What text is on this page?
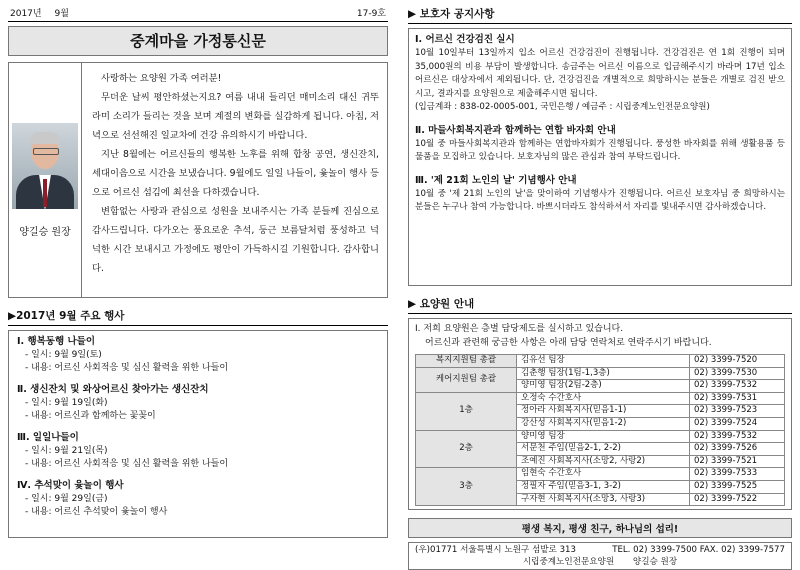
2017년 9월	17-9호
중계마을 가정통신문
양길승 원장

사랑하는 요양원 가족 여러분!

무더운 날씨 평안하셨는지요? 여름 내내 들리던 매미소리 대신 귀뚜라미 소리가 들리는 것을 보며 계절의 변화를 실감하게 됩니다. 아침, 저녁으로 선선해진 일교차에 건강 유의하시기 바랍니다.

지난 8월에는 어르신들의 행복한 노후를 위해 합창 공연, 생신잔치, 세대이음으로 시간을 보냈습니다. 9월에도 일일 나들이, 윷놀이 행사 등으로 어르신 섬김에 최선을 다하겠습니다.

변함없는 사랑과 관심으로 성원을 보내주시는 가족 분들께 진심으로 감사드립니다. 다가오는 풍요로운 추석, 둥근 보름달처럼 풍성하고 넉넉한 시간 보내시고 가정에도 평안이 가득하시길 기원합니다. 감사합니다.

▶2017년 9월 주요 행사
Ⅰ. 행복동행 나들이
- 일시: 9월 9일(토)
- 내용: 어르신 사회적응 및 심신 활력을 위한 나들이
Ⅱ. 생신잔치 및 와상어르신 찾아가는 생신잔치
- 일시: 9월 19일(화)
- 내용: 어르신과 함께하는 꽃꽂이
Ⅲ. 일일나들이
- 일시: 9월 21일(목)
- 내용: 어르신 사회적응 및 심신 활력을 위한 나들이
Ⅳ. 추석맞이 윷놀이 행사
- 일시: 9월 29일(금)
- 내용: 어르신 추석맞이 윷놀이 행사
▶ 보호자 공지사항
Ⅰ. 어르신 건강검진 실시
10월 10일부터 13일까지 입소 어르신 건강검진이 진행됩니다. 건강검진은 연 1회 진행이 되며 35,000원의 비용 부담이 발생합니다. 송금주는 어르신 이름으로 입금해주시기 바라며 17년 입소 어르신은 대상자에서 제외됩니다. 단, 건강검진을 개별적으로 희망하시는 분들은 개별로 검진 받으시고, 결과지를 요양원으로 제출해주시면 됩니다.
(입금계좌 : 838-02-0005-001, 국민은행 / 예금주 : 시립중계노인전문요양원)
Ⅱ. 마들사회복지관과 함께하는 연합 바자회 안내
10월 중 마들사회복지관과 함께하는 연합바자회가 진행됩니다. 풍성한 바자회를 위해 생활용품 등 물품을 모집하고 있습니다. 보호자님의 많은 관심과 참여 부탁드립니다.
Ⅲ. '제 21회 노인의 날' 기념행사 안내
10월 중 '제 21회 노인의 날'을 맞이하여 기념행사가 진행됩니다. 어르신 보호자님 중 희망하시는 분들은 누구나 참여 가능합니다. 바쁘시더라도 참석하셔서 자리를 빛내주시면 감사하겠습니다.
▶ 요양원 안내
Ⅰ. 저희 요양원은 층별 담당제도를 실시하고 있습니다.
어르신과 관련해 궁금한 사항은 아래 담당 연락처로 연락주시기 바랍니다.
복지지원팀 총괄	김유선 팀장	02) 3399-7520
케어지원팀 총괄	김춘행 팀장(1팀-1,3층)	02) 3399-7530
	양미영 팀장(2팀-2층)	02) 3399-7532
1층	오정숙 수간호사	02) 3399-7531
	정아라 사회복지사(믿음1-1)	02) 3399-7523
	강산성 사회복지사(믿음1-2)	02) 3399-7524
2층	양미영 팀장	02) 3399-7532
	서문천 주임(믿음2-1, 2-2)	02) 3399-7526
	조예진 사회복지사(소망2, 사랑2)	02) 3399-7521
3층	임현숙 수간호사	02) 3399-7533
	정필자 주임(믿음3-1, 3-2)	02) 3399-7525
	구자현 사회복지사(소망3, 사랑3)	02) 3399-7522
평생 복지, 평생 친구, 하나님의 섭리!
(우)01771 서울특별시 노원구 섬밭로 313	TEL. 02) 3399-7500 FAX. 02) 3399-7577
시립중계노인전문요양원 양길승 원장
